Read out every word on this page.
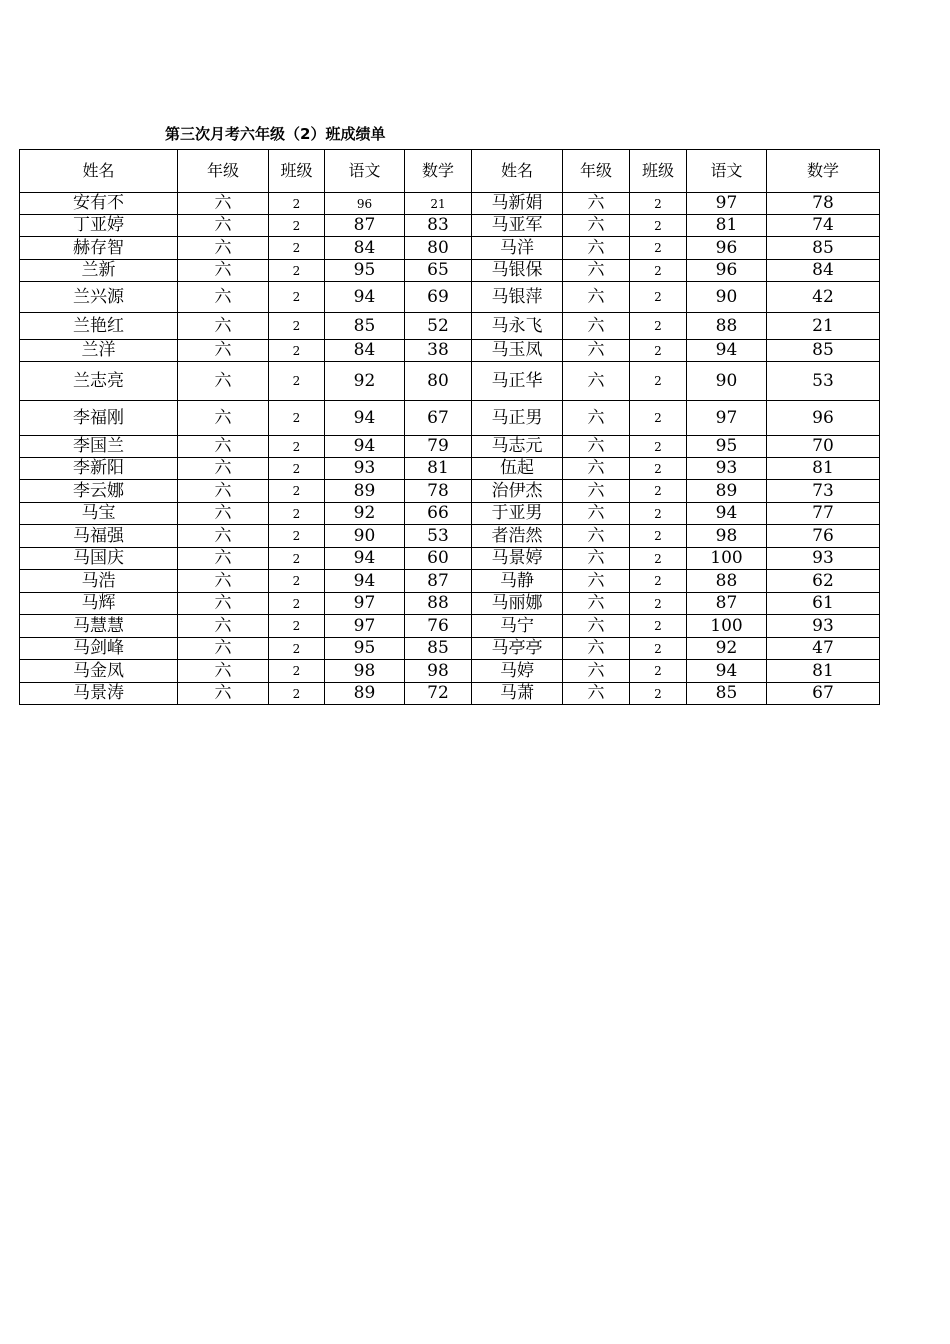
第三次月考六年级（2）班成绩单
姓名	年级	班级	语文	数学	姓名	年级	班级	语文	数学
安有不	六	2	96	21	马新娟	六	2	97	78
丁亚婷	六	2	87	83	马亚军	六	2	81	74
赫存智	六	2	84	80	马洋	六	2	96	85
兰新	六	2	95	65	马银保	六	2	96	84
兰兴源	六	2	94	69	马银萍	六	2	90	42
兰艳红	六	2	85	52	马永飞	六	2	88	21
兰洋	六	2	84	38	马玉凤	六	2	94	85
兰志亮	六	2	92	80	马正华	六	2	90	53
李福刚	六	2	94	67	马正男	六	2	97	96
李国兰	六	2	94	79	马志元	六	2	95	70
李新阳	六	2	93	81	伍起	六	2	93	81
李云娜	六	2	89	78	治伊杰	六	2	89	73
马宝	六	2	92	66	于亚男	六	2	94	77
马福强	六	2	90	53	者浩然	六	2	98	76
马国庆	六	2	94	60	马景婷	六	2	100	93
马浩	六	2	94	87	马静	六	2	88	62
马辉	六	2	97	88	马丽娜	六	2	87	61
马慧慧	六	2	97	76	马宁	六	2	100	93
马剑峰	六	2	95	85	马亭亭	六	2	92	47
马金凤	六	2	98	98	马婷	六	2	94	81
马景涛	六	2	89	72	马萧	六	2	85	67
